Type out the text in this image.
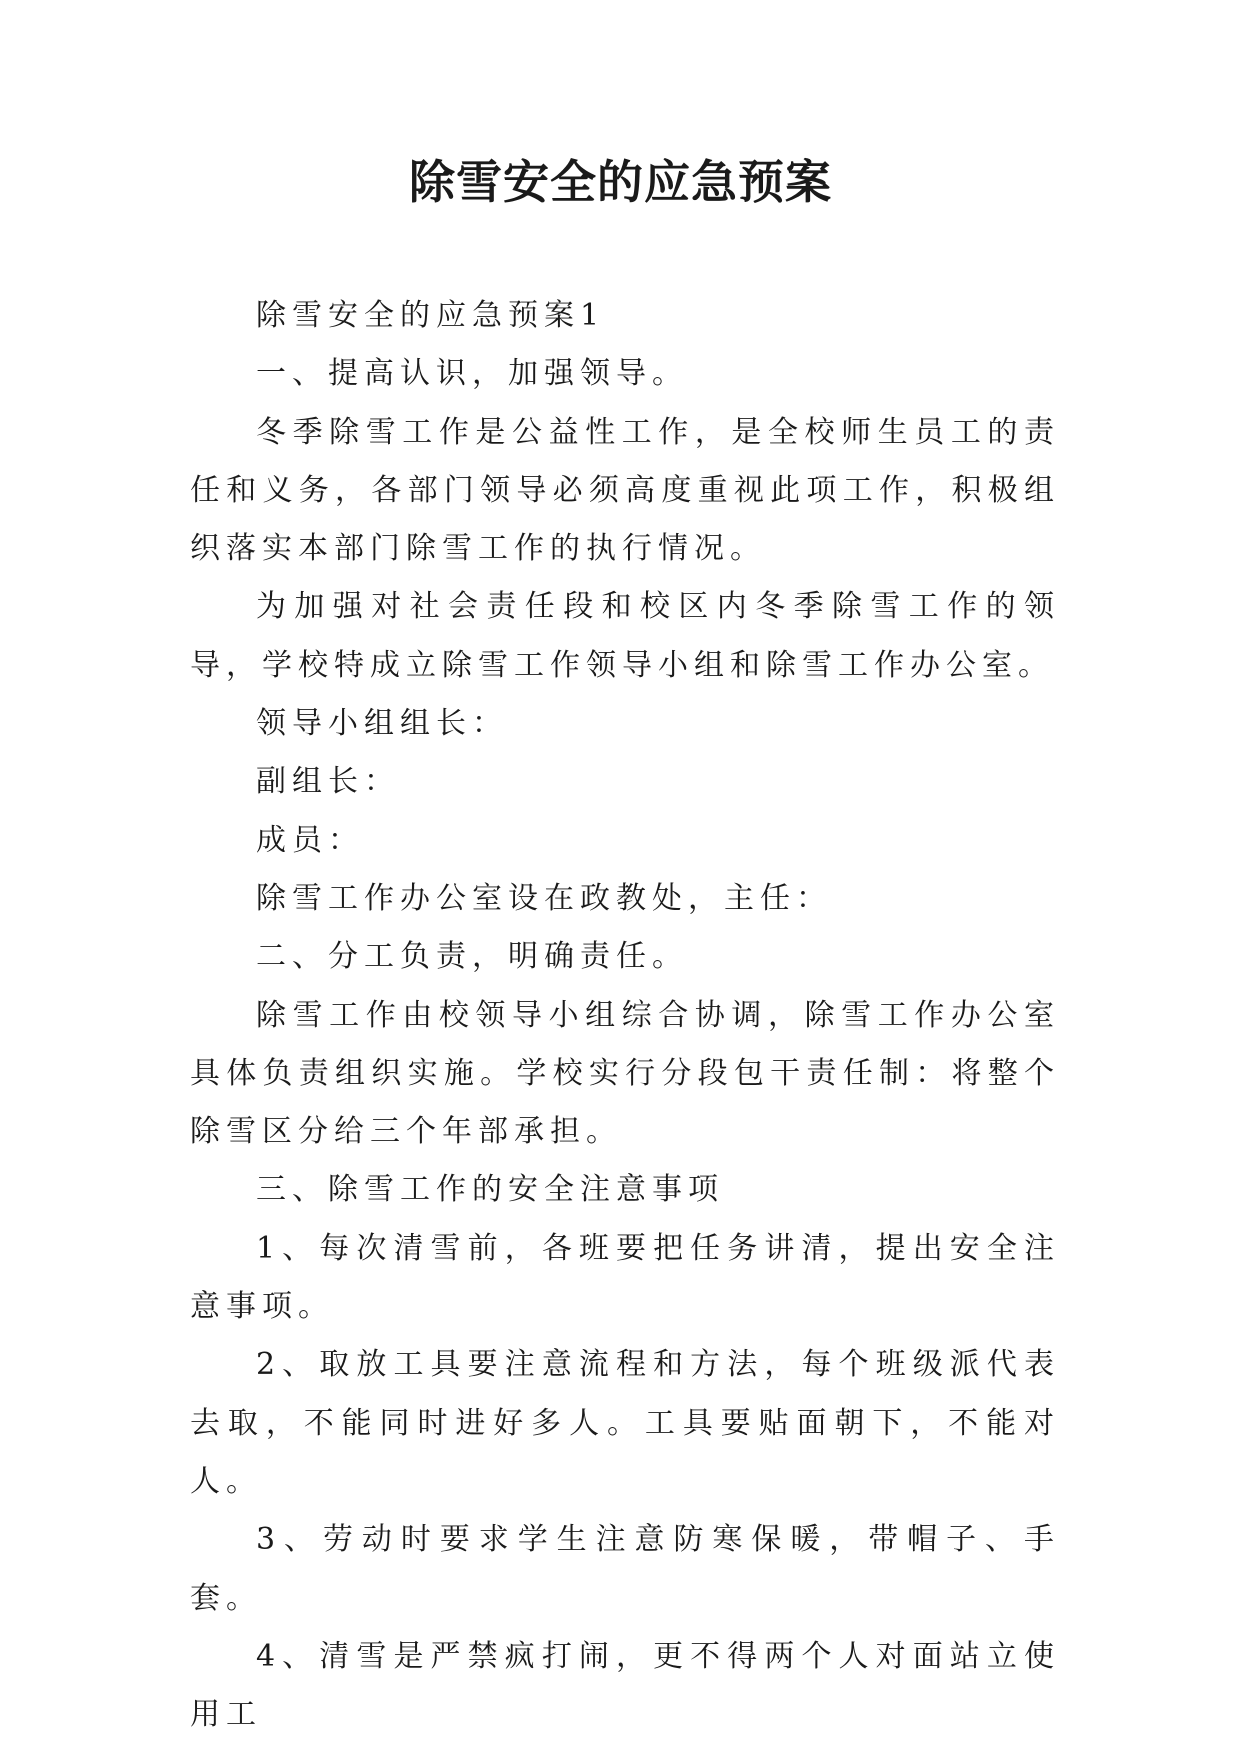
除雪安全的应急预案

除雪安全的应急预案1

一、提高认识，加强领导。

冬季除雪工作是公益性工作，是全校师生员工的责任和义务，各部门领导必须高度重视此项工作，积极组织落实本部门除雪工作的执行情况。

为加强对社会责任段和校区内冬季除雪工作的领导，学校特成立除雪工作领导小组和除雪工作办公室。

领导小组组长：

副组长：

成员：

除雪工作办公室设在政教处，主任：

二、分工负责，明确责任。

除雪工作由校领导小组综合协调，除雪工作办公室具体负责组织实施。学校实行分段包干责任制：将整个除雪区分给三个年部承担。

三、除雪工作的安全注意事项

1、每次清雪前，各班要把任务讲清，提出安全注意事项。

2、取放工具要注意流程和方法，每个班级派代表去取，不能同时进好多人。工具要贴面朝下，不能对人。

3、劳动时要求学生注意防寒保暖，带帽子、手套。

4、清雪是严禁疯打闹，更不得两个人对面站立使用工
